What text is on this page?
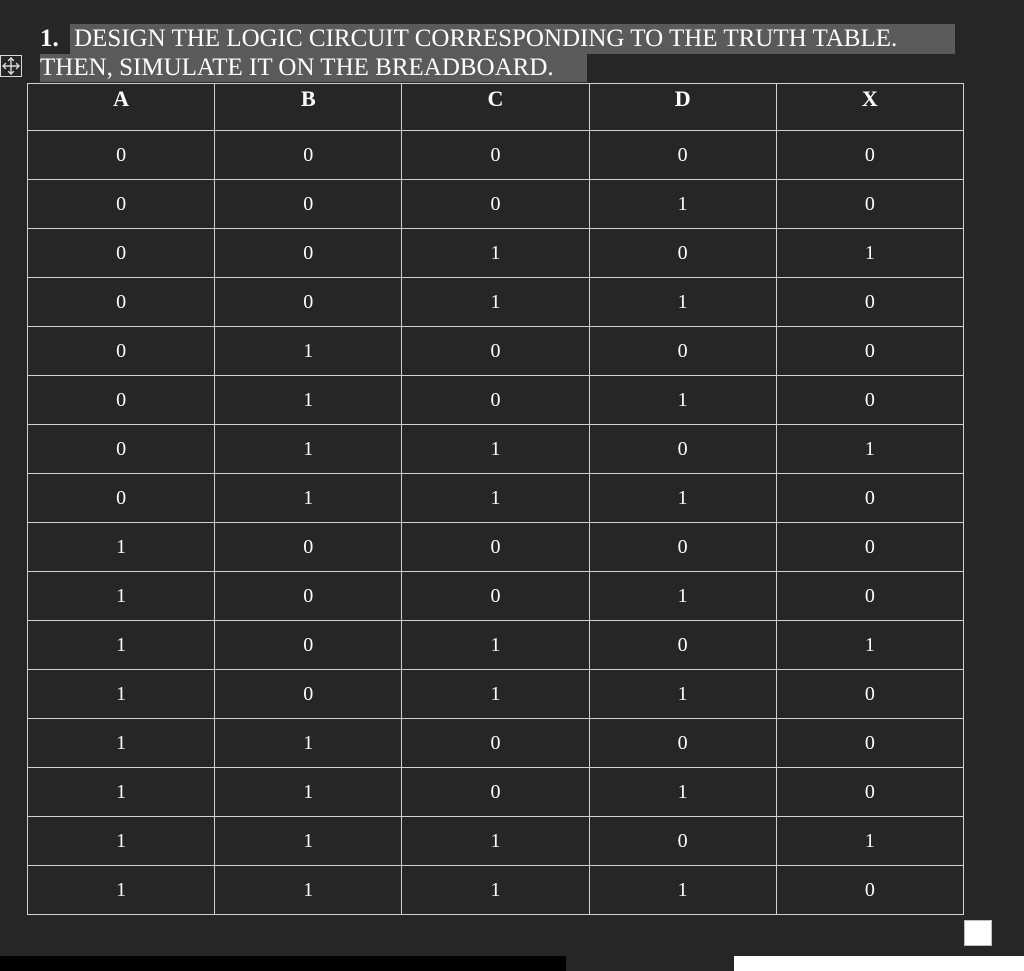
1. DESIGN THE LOGIC CIRCUIT CORRESPONDING TO THE TRUTH TABLE.
THEN, SIMULATE IT ON THE BREADBOARD.
A	B	C	D	X
0	0	0	0	0
0	0	0	1	0
0	0	1	0	1
0	0	1	1	0
0	1	0	0	0
0	1	0	1	0
0	1	1	0	1
0	1	1	1	0
1	0	0	0	0
1	0	0	1	0
1	0	1	0	1
1	0	1	1	0
1	1	0	0	0
1	1	0	1	0
1	1	1	0	1
1	1	1	1	0
